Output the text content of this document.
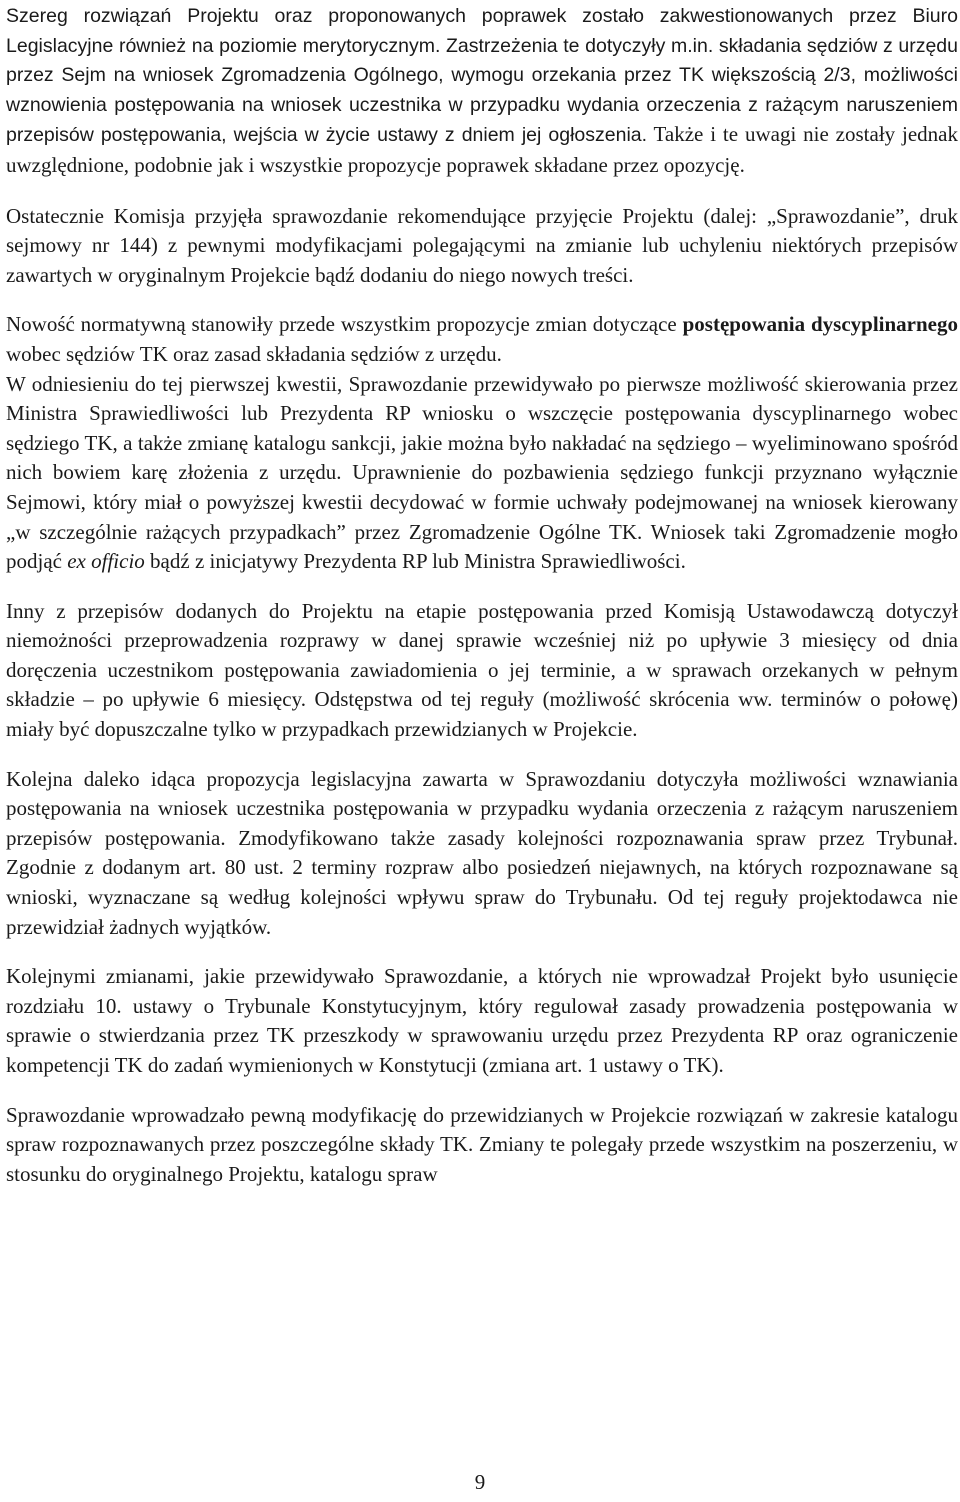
Szereg rozwiązań Projektu oraz proponowanych poprawek zostało zakwestionowanych przez Biuro Legislacyjne również na poziomie merytorycznym. Zastrzeżenia te dotyczyły m.in. składania sędziów z urzędu przez Sejm na wniosek Zgromadzenia Ogólnego, wymogu orzekania przez TK większością 2/3, możliwości wznowienia postępowania na wniosek uczestnika w przypadku wydania orzeczenia z rażącym naruszeniem przepisów postępowania, wejścia w życie ustawy z dniem jej ogłoszenia. Także i te uwagi nie zostały jednak uwzględnione, podobnie jak i wszystkie propozycje poprawek składane przez opozycję.

Ostatecznie Komisja przyjęła sprawozdanie rekomendujące przyjęcie Projektu (dalej: „Sprawozdanie”, druk sejmowy nr 144) z pewnymi modyfikacjami polegającymi na zmianie lub uchyleniu niektórych przepisów zawartych w oryginalnym Projekcie bądź dodaniu do niego nowych treści.

Nowość normatywną stanowiły przede wszystkim propozycje zmian dotyczące postępowania dyscyplinarnego wobec sędziów TK oraz zasad składania sędziów z urzędu.

W odniesieniu do tej pierwszej kwestii, Sprawozdanie przewidywało po pierwsze możliwość skierowania przez Ministra Sprawiedliwości lub Prezydenta RP wniosku o wszczęcie postępowania dyscyplinarnego wobec sędziego TK, a także zmianę katalogu sankcji, jakie można było nakładać na sędziego – wyeliminowano spośród nich bowiem karę złożenia z urzędu. Uprawnienie do pozbawienia sędziego funkcji przyznano wyłącznie Sejmowi, który miał o powyższej kwestii decydować w formie uchwały podejmowanej na wniosek kierowany „w szczególnie rażących przypadkach” przez Zgromadzenie Ogólne TK. Wniosek taki Zgromadzenie mogło podjąć ex officio bądź z inicjatywy Prezydenta RP lub Ministra Sprawiedliwości.

Inny z przepisów dodanych do Projektu na etapie postępowania przed Komisją Ustawodawczą dotyczył niemożności przeprowadzenia rozprawy w danej sprawie wcześniej niż po upływie 3 miesięcy od dnia doręczenia uczestnikom postępowania zawiadomienia o jej terminie, a w sprawach orzekanych w pełnym składzie – po upływie 6 miesięcy. Odstępstwa od tej reguły (możliwość skrócenia ww. terminów o połowę) miały być dopuszczalne tylko w przypadkach przewidzianych w Projekcie.

Kolejna daleko idąca propozycja legislacyjna zawarta w Sprawozdaniu dotyczyła możliwości wznawiania postępowania na wniosek uczestnika postępowania w przypadku wydania orzeczenia z rażącym naruszeniem przepisów postępowania. Zmodyfikowano także zasady kolejności rozpoznawania spraw przez Trybunał. Zgodnie z dodanym art. 80 ust. 2 terminy rozpraw albo posiedzeń niejawnych, na których rozpoznawane są wnioski, wyznaczane są według kolejności wpływu spraw do Trybunału. Od tej reguły projektodawca nie przewidział żadnych wyjątków.

Kolejnymi zmianami, jakie przewidywało Sprawozdanie, a których nie wprowadzał Projekt było usunięcie rozdziału 10. ustawy o Trybunale Konstytucyjnym, który regulował zasady prowadzenia postępowania w sprawie o stwierdzania przez TK przeszkody w sprawowaniu urzędu przez Prezydenta RP oraz ograniczenie kompetencji TK do zadań wymienionych w Konstytucji (zmiana art. 1 ustawy o TK).

Sprawozdanie wprowadzało pewną modyfikację do przewidzianych w Projekcie rozwiązań w zakresie katalogu spraw rozpoznawanych przez poszczególne składy TK. Zmiany te polegały przede wszystkim na poszerzeniu, w stosunku do oryginalnego Projektu, katalogu spraw

9
